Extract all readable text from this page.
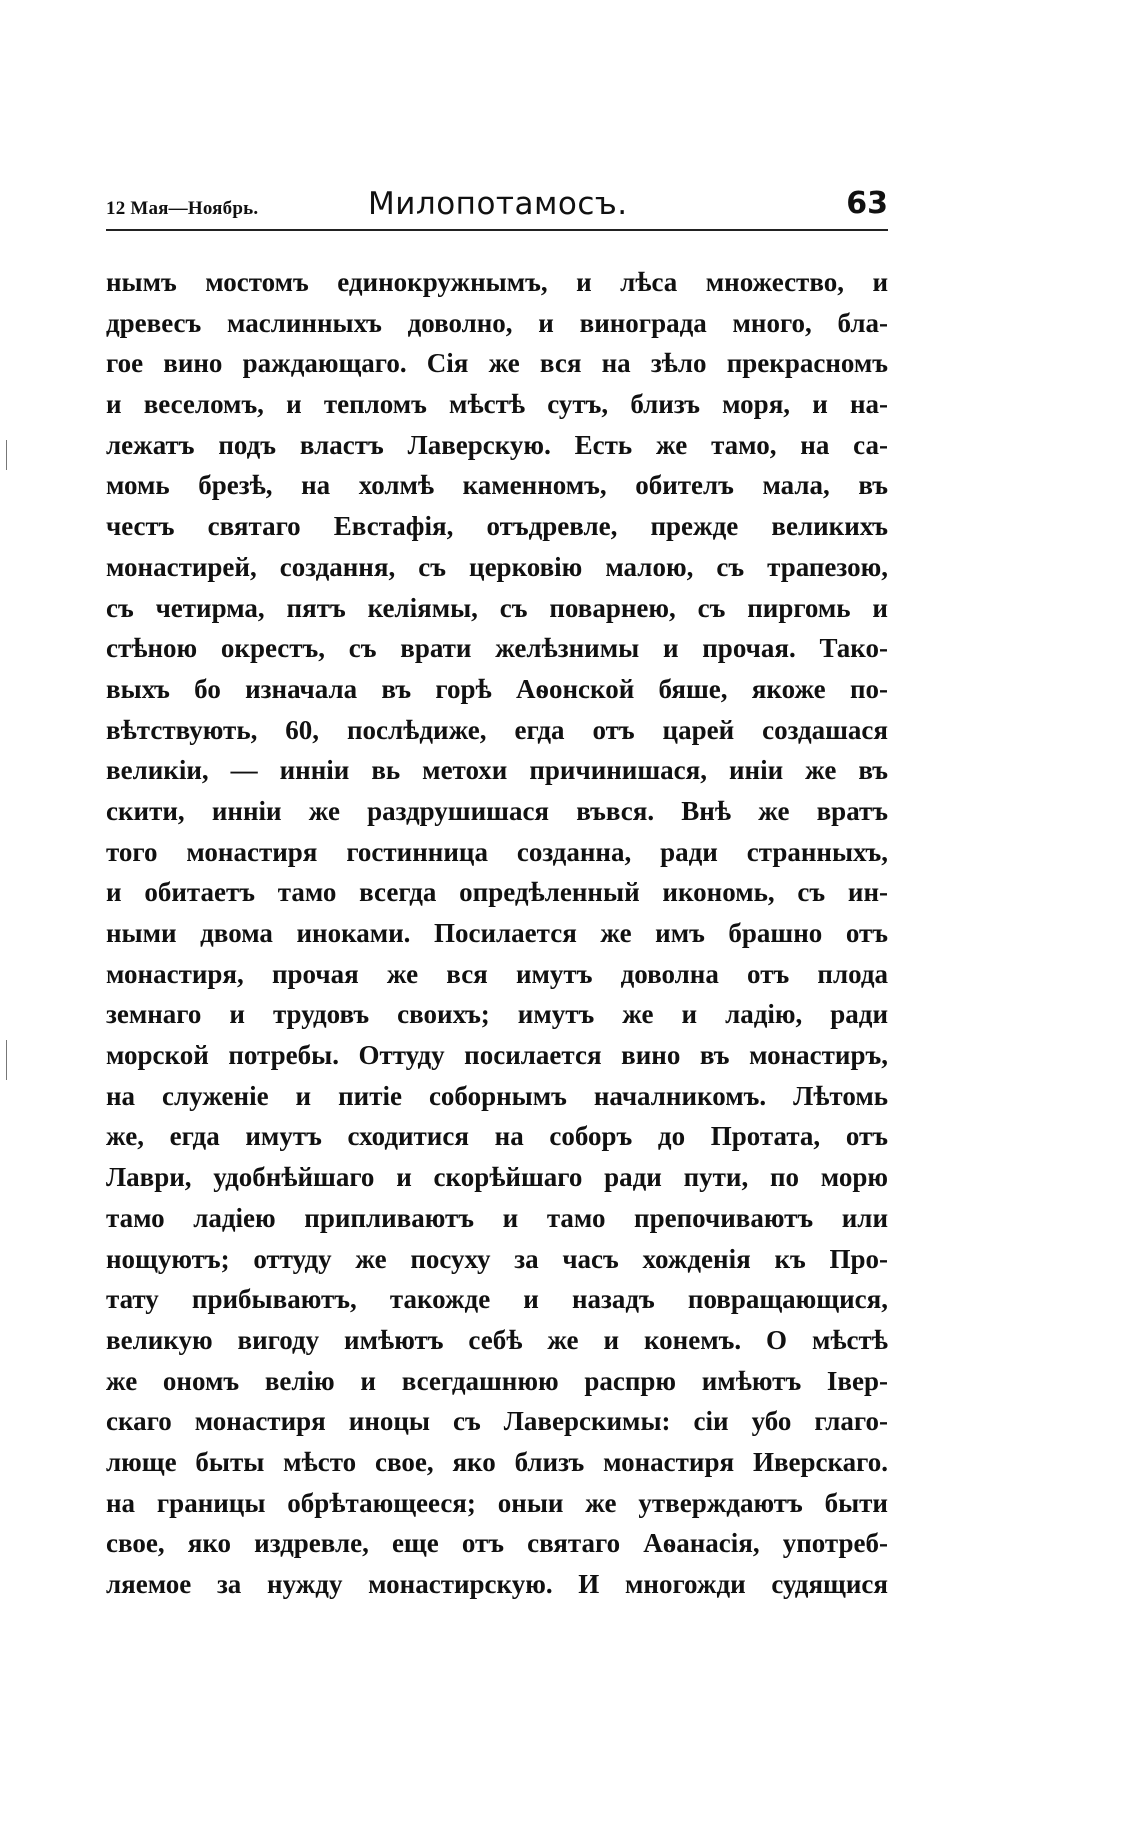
12 Мая—Ноябрь.	Милопотамосъ.	63
нымъ мостомъ единокружнымъ, и лѣса множество, и
древесъ маслинныхъ доволно, и винограда много, бла-
гое вино раждающаго. Сія же вся на зѣло прекрасномъ
и веселомъ, и тепломъ мѣстѣ сутъ, близъ моря, и на-
лежатъ подъ властъ Лаверскую. Есть же тамо, на са-
момь брезѣ, на холмѣ каменномъ, обителъ мала, въ
честъ святаго Евстафія, отъдревле, прежде великихъ
монастирей, создання, съ церковію малою, съ трапезою,
съ четирма, пятъ келіямы, съ поварнею, съ пиргомь и
стѣною окрестъ, съ врати желѣзнимы и прочая. Тако-
выхъ бо изначала въ горѣ Аѳонской бяше, якоже по-
вѣтствують, 60, послѣдиже, егда отъ царей создашася
великіи, — инніи вь метохи причинишася, иніи же въ
скити, инніи же раздрушишася въвся. Внѣ же вратъ
того монастиря гостинница созданна, ради странныхъ,
и обитаетъ тамо всегда опредѣленный икономь, съ ин-
ными двома иноками. Посилается же имъ брашно отъ
монастиря, прочая же вся имутъ доволна отъ плода
земнаго и трудовъ своихъ; имутъ же и ладію, ради
морской потребы. Оттуду посилается вино въ монастиръ,
на служеніе и питіе соборнымъ началникомъ. Лѣтомь
же, егда имутъ сходитися на соборъ до Протата, отъ
Лаври, удобнѣйшаго и скорѣйшаго ради пути, по морю
тамо ладіею припливаютъ и тамо препочиваютъ или
нощуютъ; оттуду же посуху за часъ хожденія къ Про-
тату прибываютъ, такожде и назадъ повращающися,
великую вигоду имѣютъ себѣ же и конемъ. О мѣстѣ
же ономъ велію и всегдашнюю распрю имѣютъ Івер-
скаго монастиря иноцы съ Лаверскимы: сіи убо глаго-
люще быты мѣсто свое, яко близъ монастиря Иверскаго.
на границы обрѣтающееся; оныи же утверждаютъ быти
свое, яко издревле, еще отъ святаго Аѳанасія, употреб-
ляемое за нужду монастирскую. И многожди судящися
